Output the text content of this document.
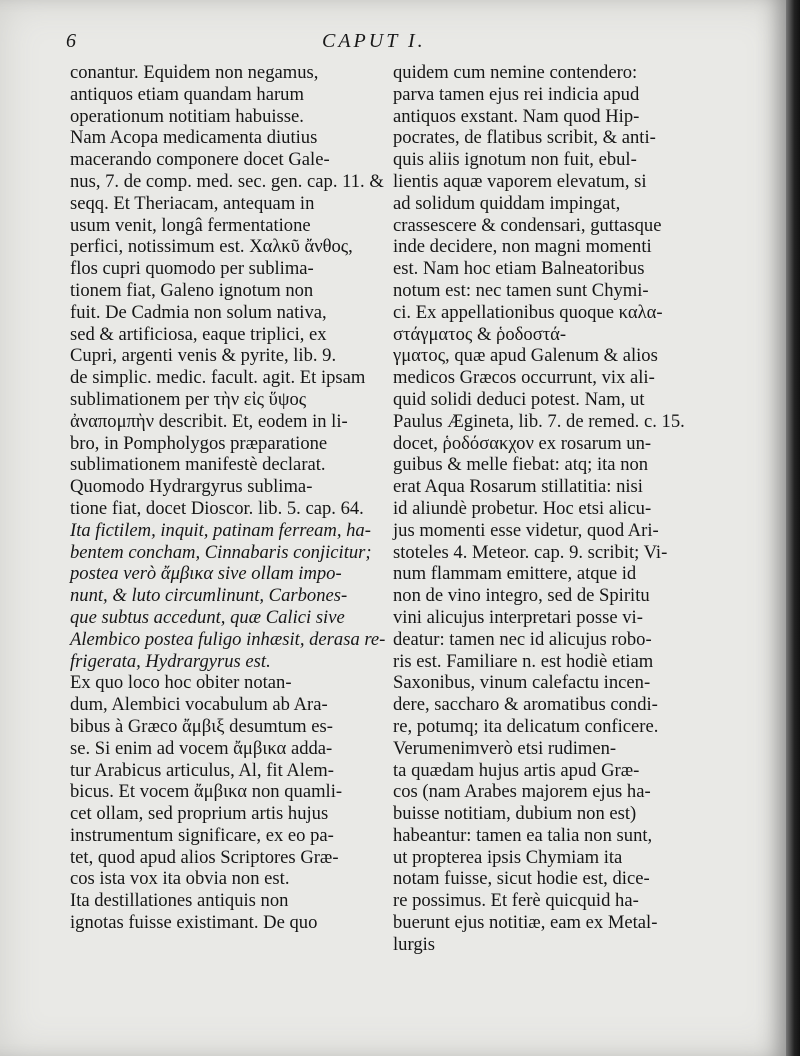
6	CAPUT I.
conantur. Equidem non negamus,
antiquos etiam quandam harum
operationum notitiam habuisse.
Nam Acopa medicamenta diutius
macerando componere docet Gale-
nus, 7. de comp. med. sec. gen. cap. 11. &
seqq. Et Theriacam, antequam in
usum venit, longâ fermentatione
perfici, notissimum est. Χαλκῦ ἄνθος,
flos cupri quomodo per sublima-
tionem fiat, Galeno ignotum non
fuit. De Cadmia non solum nativa,
sed & artificiosa, eaque triplici, ex
Cupri, argenti venis & pyrite, lib. 9.
de simplic. medic. facult. agit. Et ipsam
sublimationem per τὴν εἰς ὕψος
ἀναπομπὴν describit. Et, eodem in li-
bro, in Pompholygos præparatione
sublimationem manifestè declarat.
Quomodo Hydrargyrus sublima-
tione fiat, docet Dioscor. lib. 5. cap. 64.
Ita fictilem, inquit, patinam ferream, ha-
bentem concham, Cinnabaris conjicitur;
postea verò ἄμβικα sive ollam impo-
nunt, & luto circumlinunt, Carbones-
que subtus accedunt, quæ Calici sive
Alembico postea fuligo inhæsit, derasa re-
frigerata, Hydrargyrus est.
Ex quo loco hoc obiter notan-
dum, Alembici vocabulum ab Ara-
bibus à Græco ἄμβιξ desumtum es-
se. Si enim ad vocem ἄμβικα adda-
tur Arabicus articulus, Al, fit Alem-
bicus. Et vocem ἄμβικα non quamli-
cet ollam, sed proprium artis hujus
instrumentum significare, ex eo pa-
tet, quod apud alios Scriptores Græ-
cos ista vox ita obvia non est.
Ita destillationes antiquis non
ignotas fuisse existimant. De quo
quidem cum nemine contendero:
parva tamen ejus rei indicia apud
antiquos exstant. Nam quod Hip-
pocrates, de flatibus scribit, & anti-
quis aliis ignotum non fuit, ebul-
lientis aquæ vaporem elevatum, si
ad solidum quiddam impingat,
crassescere & condensari, guttasque
inde decidere, non magni momenti
est. Nam hoc etiam Balneatoribus
notum est: nec tamen sunt Chymi-
ci. Ex appellationibus quoque καλα-
στάγματος & ῥοδοστά-
γματος, quæ apud Galenum & alios
medicos Græcos occurrunt, vix ali-
quid solidi deduci potest. Nam, ut
Paulus Ægineta, lib. 7. de remed. c. 15.
docet, ῥοδόσακχον ex rosarum un-
guibus & melle fiebat: atq; ita non
erat Aqua Rosarum stillatitia: nisi
id aliundè probetur. Hoc etsi alicu-
jus momenti esse videtur, quod Ari-
stoteles 4. Meteor. cap. 9. scribit; Vi-
num flammam emittere, atque id
non de vino integro, sed de Spiritu
vini alicujus interpretari posse vi-
deatur: tamen nec id alicujus robo-
ris est. Familiare n. est hodiè etiam
Saxonibus, vinum calefactu incen-
dere, saccharo & aromatibus condi-
re, potumq; ita delicatum conficere.
Verumenimverò etsi rudimen-
ta quædam hujus artis apud Græ-
cos (nam Arabes majorem ejus ha-
buisse notitiam, dubium non est)
habeantur: tamen ea talia non sunt,
ut propterea ipsis Chymiam ita
notam fuisse, sicut hodie est, dice-
re possimus. Et ferè quicquid ha-
buerunt ejus notitiæ, eam ex Metal-
lurgis
